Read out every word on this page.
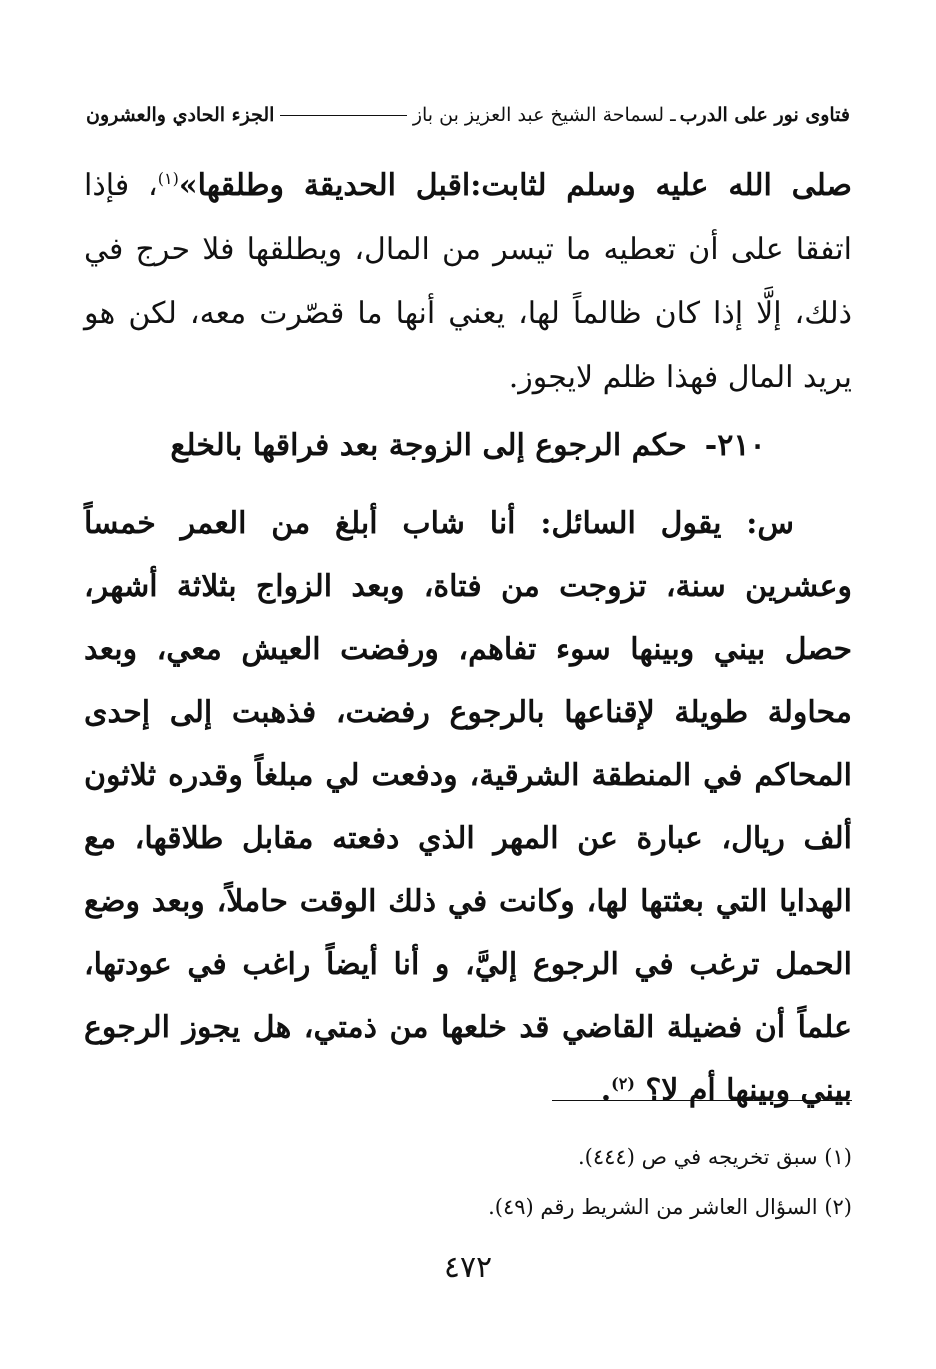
فتاوى نور على الدرب
ـ لسماحة الشيخ عبد العزيز بن باز
الجزء الحادي والعشرون
صلى الله عليه وسلم لثابت:اقبل الحديقة وطلقها»$^{(١)}$، فإذا اتفقا على أن تعطيه ما تيسر من المال، ويطلقها فلا حرج في ذلك، إلَّا إذا كان ظالماً لها، يعني أنها ما قصّرت معه، لكن هو يريد المال فهذا ظلم لايجوز.
٢١٠-حكم الرجوع إلى الزوجة بعد فراقها بالخلع
س: يقول السائل: أنا شاب أبلغ من العمر خمساً وعشرين سنة، تزوجت من فتاة، وبعد الزواج بثلاثة أشهر، حصل بيني وبينها سوء تفاهم، ورفضت العيش معي، وبعد محاولة طويلة لإقناعها بالرجوع رفضت، فذهبت إلى إحدى المحاكم في المنطقة الشرقية، ودفعت لي مبلغاً وقدره ثلاثون ألف ريال، عبارة عن المهر الذي دفعته مقابل طلاقها، مع الهدايا التي بعثتها لها، وكانت في ذلك الوقت حاملاً، وبعد وضع الحمل ترغب في الرجوع إليَّ، و أنا أيضاً راغب في عودتها، علماً أن فضيلة القاضي قد خلعها من ذمتي، هل يجوز الرجوع بيني وبينها أم لا؟ $^{(٢)}$.
(١) سبق تخريجه في ص (٤٤٤).
(٢) السؤال العاشر من الشريط رقم (٤٩).
٤٧٢
